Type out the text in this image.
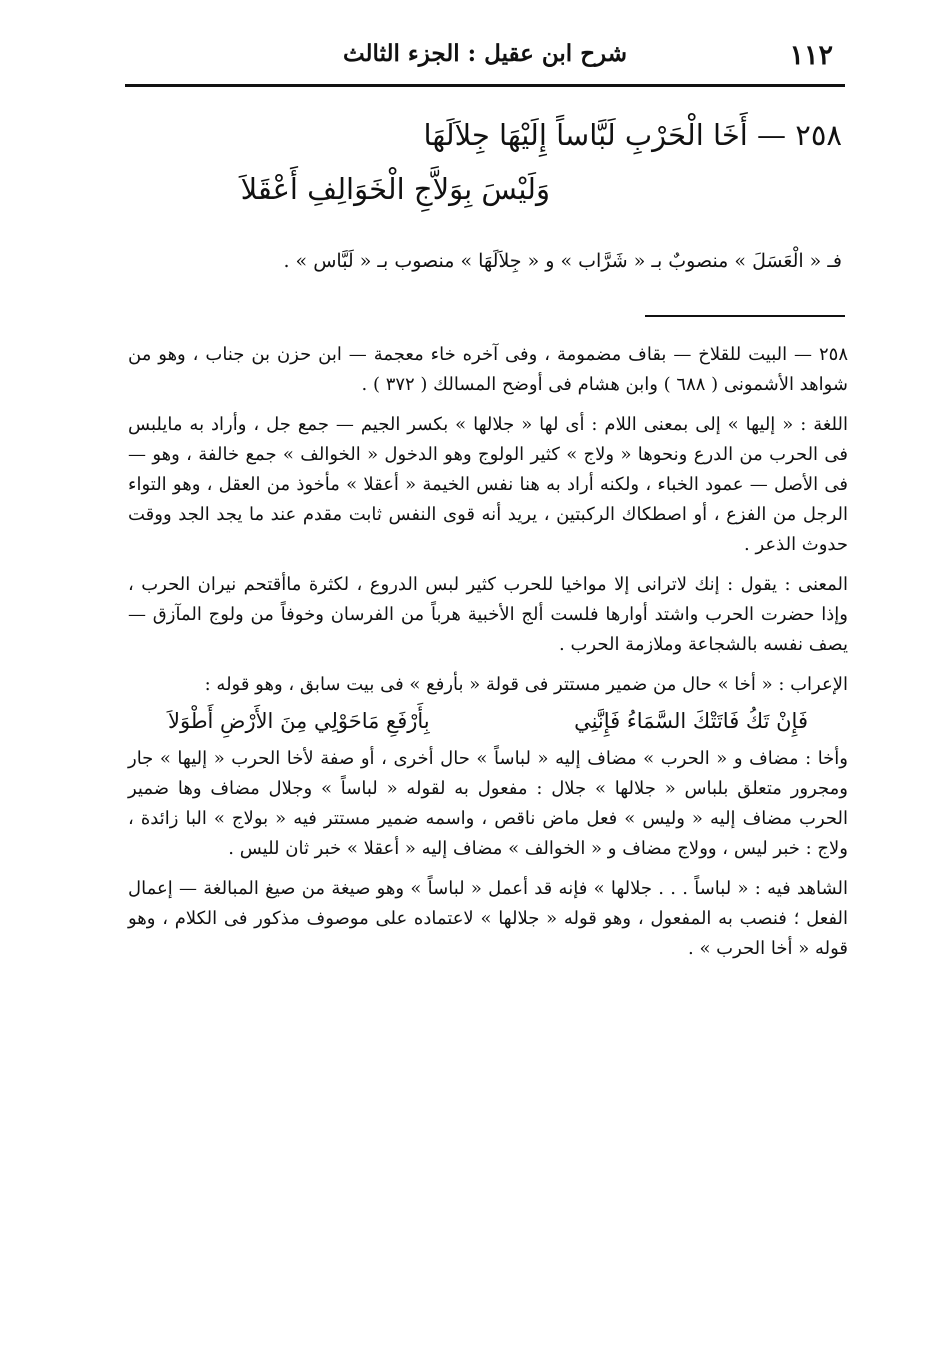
١١٢
شرح ابن عقيل : الجزء الثالث
٢٥٨ — أَخَا الْحَرْبِ لَبَّاساً إِلَيْهَا جِلاَلَهَا
وَلَيْسَ بِوَلاَّجِ الْخَوَالِفِ أَعْقَلاَ
فـ « الْعَسَلَ » منصوبٌ بـ « شَرَّاب » و « جِلاَلَهَا » منصوب بـ « لَبَّاس » .

٢٥٨ — البيت للقلاخ — بقاف مضمومة ، وفى آخره خاء معجمة — ابن حزن بن جناب ، وهو من شواهد الأشمونى ( ٦٨٨ ) وابن هشام فى أوضح المسالك ( ٣٧٢ ) .

اللغة : « إليها » إلى بمعنى اللام : أى لها « جلالها » بكسر الجيم — جمع جل ، وأراد به مايلبس فى الحرب من الدرع ونحوها « ولاج » كثير الولوج وهو الدخول « الخوالف » جمع خالفة ، وهو — فى الأصل — عمود الخباء ، ولكنه أراد به هنا نفس الخيمة « أعقلا » مأخوذ من العقل ، وهو التواء الرجل من الفزع ، أو اصطكاك الركبتين ، يريد أنه قوى النفس ثابت مقدم عند ما يجد الجد ووقت حدوث الذعر .

المعنى : يقول : إنك لاترانى إلا مواخيا للحرب كثير لبس الدروع ، لكثرة ماأقتحم نيران الحرب ، وإذا حضرت الحرب واشتد أوارها فلست ألج الأخبية هرباً من الفرسان وخوفاً من ولوج المآزق — يصف نفسه بالشجاعة وملازمة الحرب .

الإعراب : « أخا » حال من ضمير مستتر فى قولة « بأرفع » فى بيت سابق ، وهو قوله :

فَإِنْ تَكُ فَاتَتْكَ السَّمَاءُ فَإِنَّنِي
بِأَرْفَعِ مَاحَوْلِي مِنَ الأَرْضِ أَطْوَلاَ

وأخا : مضاف و « الحرب » مضاف إليه « لباساً » حال أخرى ، أو صفة لأخا الحرب « إليها » جار ومجرور متعلق بلباس « جلالها » جلال : مفعول به لقوله « لباساً » وجلال مضاف وها ضمير الحرب مضاف إليه « وليس » فعل ماض ناقص ، واسمه ضمير مستتر فيه « بولاج » البا زائدة ، ولاج : خبر ليس ، وولاج مضاف و « الخوالف » مضاف إليه « أعقلا » خبر ثان لليس .

الشاهد فيه : « لباساً . . . جلالها » فإنه قد أعمل « لباساً » وهو صيغة من صيغ المبالغة — إعمال الفعل ؛ فنصب به المفعول ، وهو قوله « جلالها » لاعتماده على موصوف مذكور فى الكلام ، وهو قوله « أخا الحرب » .
